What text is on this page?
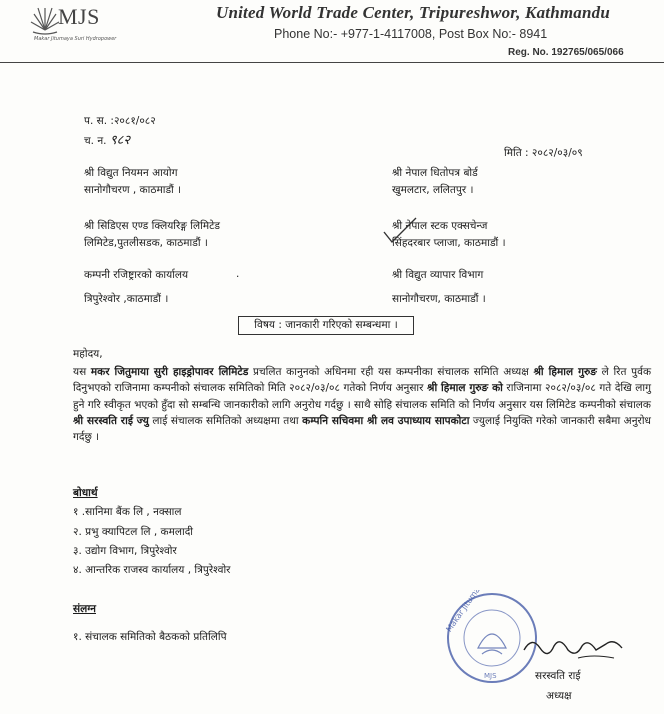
MJS
Makar Jitumaya Suri Hydropower
United World Trade Center, Tripureshwor, Kathmandu
Phone No:- +977-1-4117008, Post Box No:- 8941
Reg. No. 192765/065/066
प. स. :२०८१/०८२
च. न. ९८२
मिति : २०८२/०३/०९
श्री विद्युत नियमन आयोग
सानोगौचरण , काठमाडौं ।
श्री नेपाल धितोपत्र बोर्ड
खुमलटार, ललितपुर ।
श्री सिडिएस एण्ड क्लियरिङ्ग लिमिटेड
लिमिटेड,पुतलीसडक, काठमाडौं ।
श्री नेपाल स्टक एक्सचेन्ज
सिंहदरबार प्लाजा, काठमाडौं ।
कम्पनी रजिष्ट्रारको कार्यालय
त्रिपुरेश्वोर ,काठमाडौं ।
.	श्री विद्युत व्यापार विभाग
सानोगौचरण, काठमाडौं ।
विषय : जानकारी गरिएको सम्बन्धमा ।
महोदय,
यस मकर जितुमाया सुरी हाइड्रोपावर लिमिटेड प्रचलित कानुनको अधिनमा रही यस कम्पनीका संचालक समिति अध्यक्ष श्री हिमाल गुरुङ ले रित पुर्वक दिनुभएको राजिनामा कम्पनीको संचालक समितिको मिति २०८२/०३/०८ गतेको निर्णय अनुसार श्री हिमाल गुरुङ को राजिनामा २०८२/०३/०८ गते देखि लागु हुने गरि स्वीकृत भएको हुँदा सो सम्बन्धि जानकारीको लागि अनुरोध गर्दछु । साथै सोहि संचालक समिति को निर्णय अनुसार यस लिमिटेड कम्पनीको संचालक श्री सरस्वति राई ज्यु लाई संचालक समितिको अध्यक्षमा तथा कम्पनि सचिवमा श्री लव उपाध्याय सापकोटा ज्युलाई नियुक्ति गरेको जानकारी सबैमा अनुरोध गर्दछु ।
बोधार्थ
१ .सानिमा बैंक लि , नक्साल
२. प्रभु क्यापिटल लि , कमलादी
३. उद्योग विभाग, त्रिपुरेश्वोर
४. आन्तरिक राजस्व कार्यालय , त्रिपुरेश्वोर
संलग्न
१. संचालक समितिको बैठकको प्रतिलिपि
Makar Jitumaya Suri
MJS	सरस्वति राई
अध्यक्ष
